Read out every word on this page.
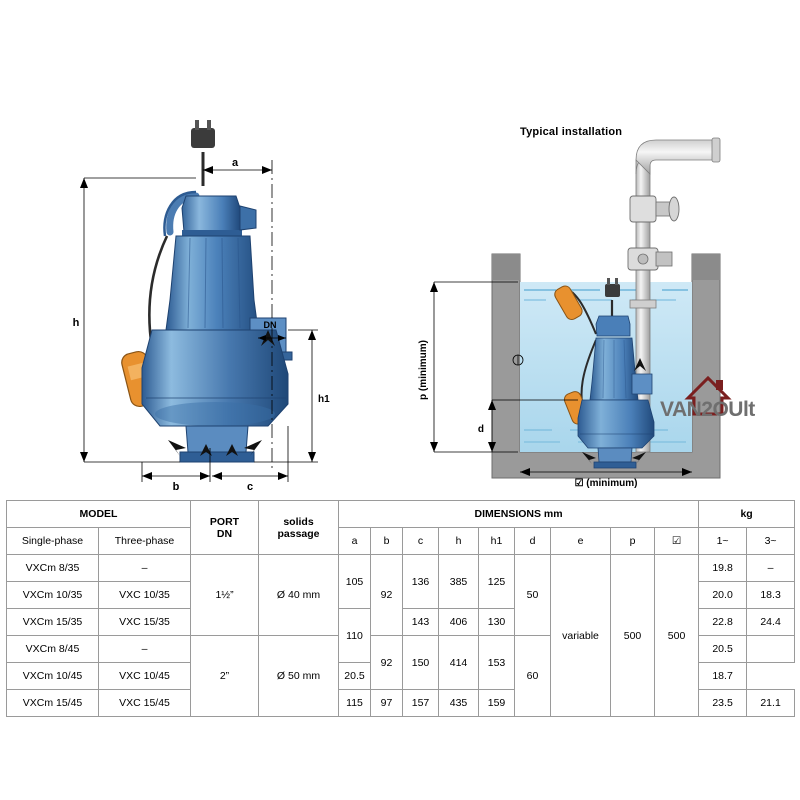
Typical installation
h
a
DN
h1
b	c
p (minimum)
d
☑ (minimum)
VAN2OUlt
MODEL	
PORT
DN

solids
passage
	DIMENSIONS mm	kg
Single-phase	Three-phase			a	b	c	h	h1	d	e	p	☑	1~	3~
VXCm 8/35	–	1½”	Ø 40 mm	105	92	136	385	125	50	variable	500	500	19.8	–
VXCm 10/35	VXC 10/35												20.0	18.3
VXCm 15/35	VXC 15/35			110		143	406	130					22.8	24.4
VXCm 8/45	–	2”	Ø 50 mm		92	150	414	153	60				20.5	
VXCm 10/45	VXC 10/45			20.5									18.7	
VXCm 15/45	VXC 15/45			115	97	157	435	159					23.5	21.1
